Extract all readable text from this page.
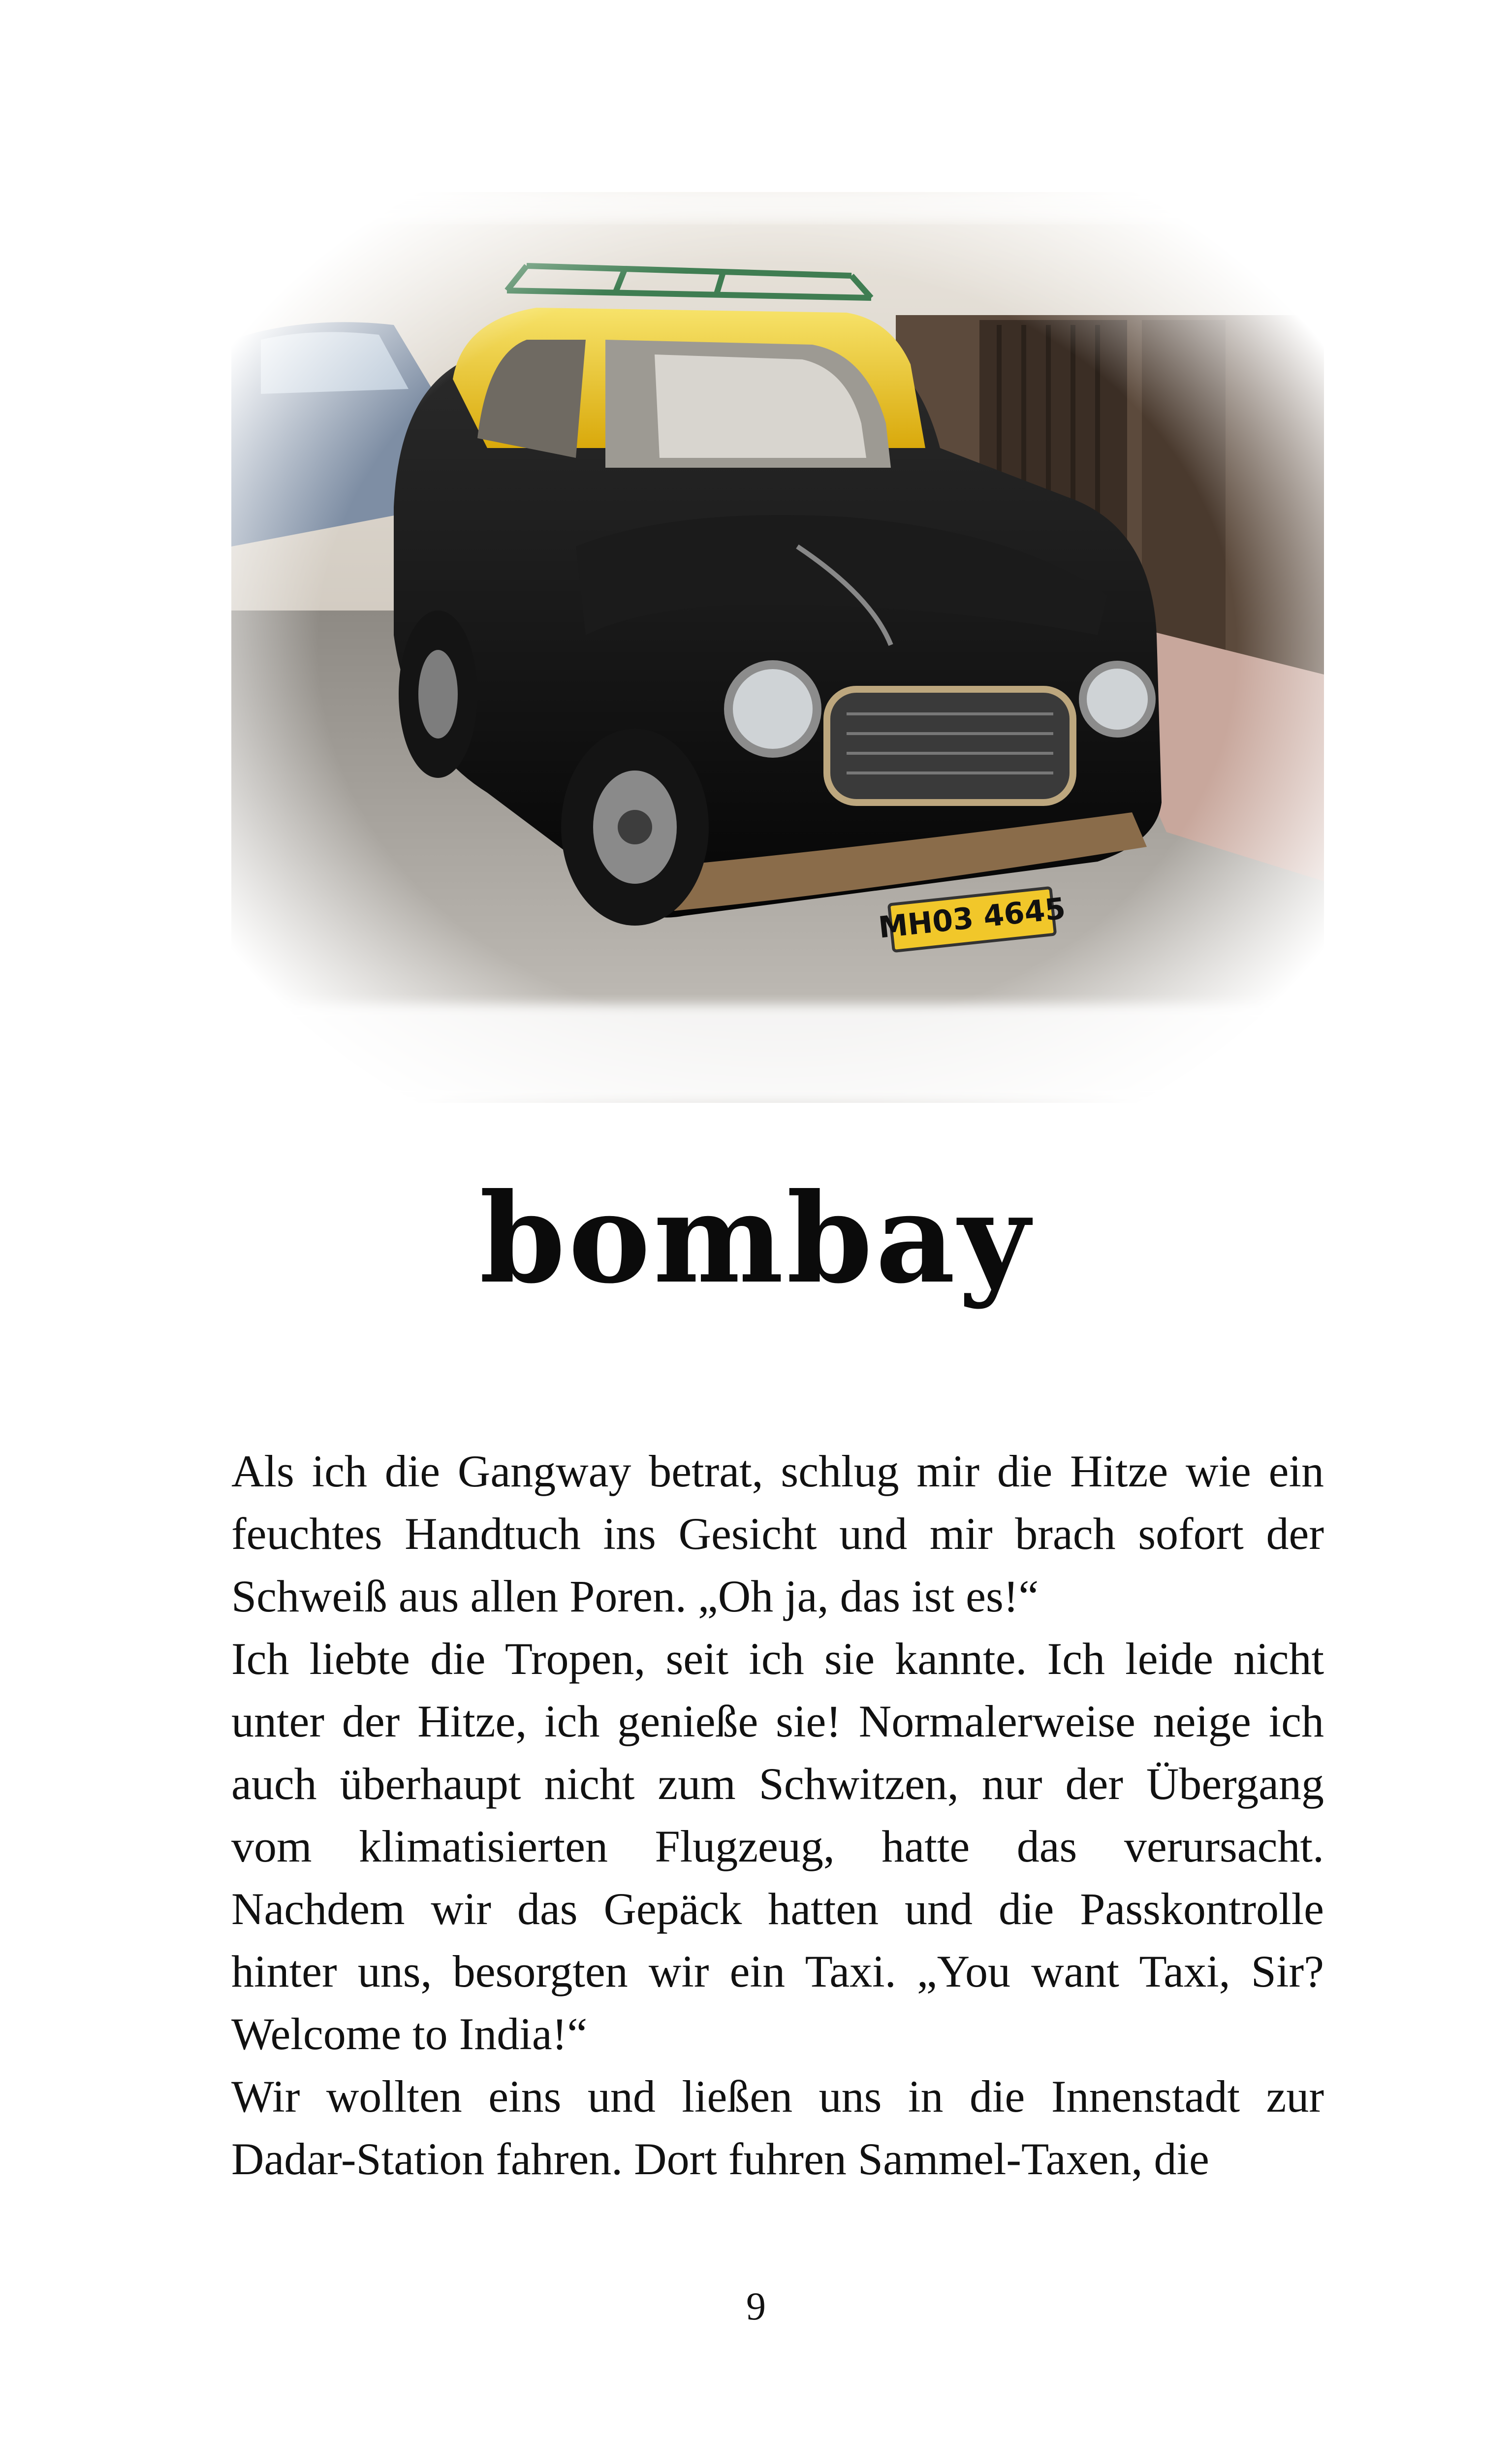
bombay

Als ich die Gangway betrat, schlug mir die Hitze wie ein feuchtes Handtuch ins Gesicht und mir brach sofort der Schweiß aus allen Poren. „Oh ja, das ist es!“

Ich liebte die Tropen, seit ich sie kannte. Ich leide nicht unter der Hitze, ich genieße sie! Normalerweise neige ich auch überhaupt nicht zum Schwitzen, nur der Übergang vom klimatisierten Flugzeug, hatte das verursacht. Nachdem wir das Gepäck hatten und die Passkontrolle hinter uns, besorgten wir ein Taxi. „You want Taxi, Sir? Welcome to India!“

Wir wollten eins und ließen uns in die Innenstadt zur Dadar-Station fahren. Dort fuhren Sammel-Taxen, die

9
